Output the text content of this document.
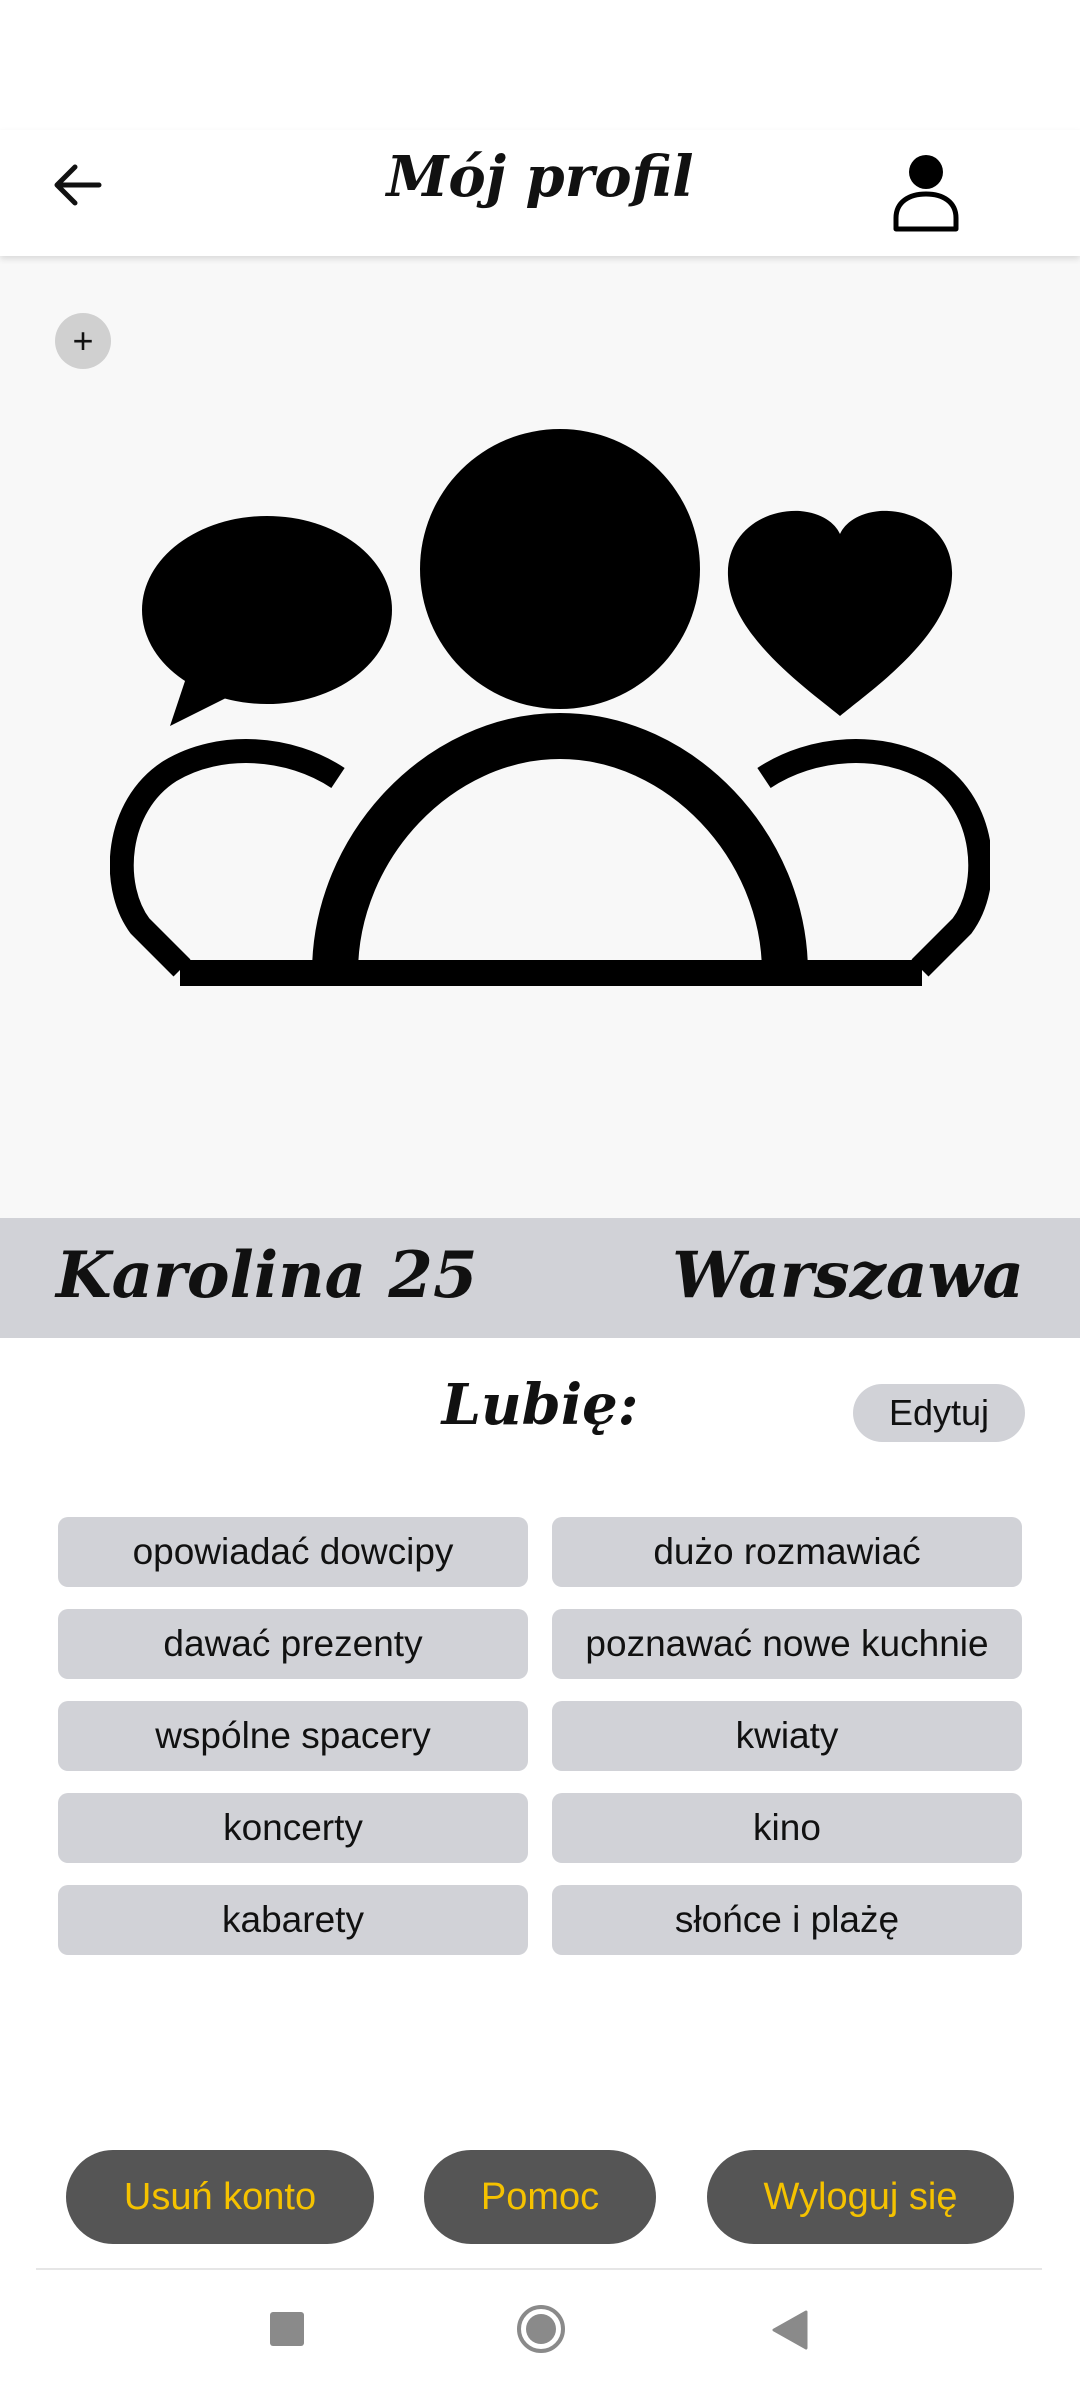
Mój profil
+
Karolina 25	Warszawa
Lubię:	Edytuj
opowiadać dowcipy	dużo rozmawiać
dawać prezenty	poznawać nowe kuchnie
wspólne spacery	kwiaty
koncerty	kino
kabarety	słońce i plażę
Usuń konto	Pomoc	Wyloguj się
